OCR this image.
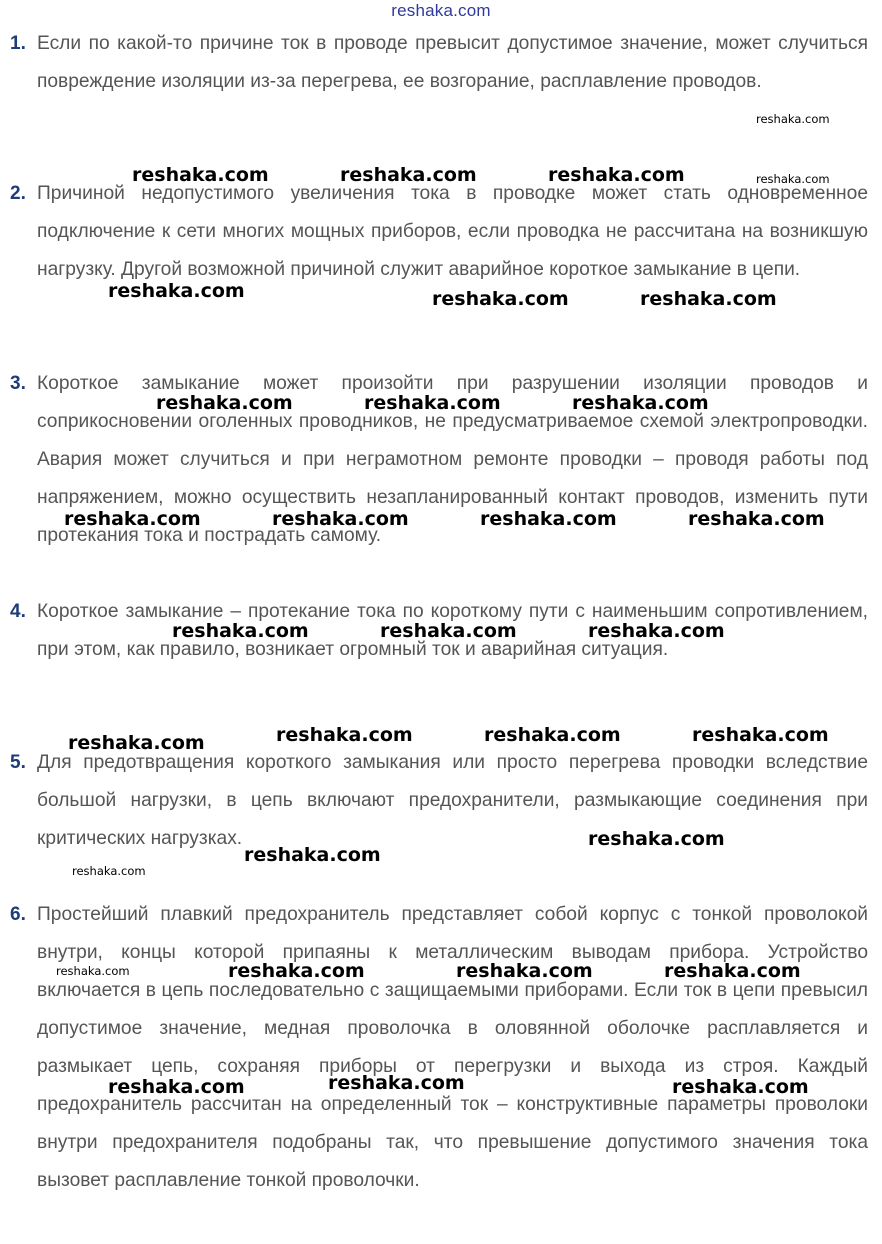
reshaka.com
1. Если по какой-то причине ток в проводе превысит допустимое значение, может случиться повреждение изоляции из-за перегрева, ее возгорание, расплавление проводов.

2. Причиной недопустимого увеличения тока в проводке может стать одновременное подключение к сети многих мощных приборов, если проводка не рассчитана на возникшую нагрузку. Другой возможной причиной служит аварийное короткое замыкание в цепи.

3. Короткое замыкание может произойти при разрушении изоляции проводов и соприкосновении оголенных проводников, не предусматриваемое схемой электропроводки. Авария может случиться и при неграмотном ремонте проводки – проводя работы под напряжением, можно осуществить незапланированный контакт проводов, изменить пути протекания тока и пострадать самому.

4. Короткое замыкание – протекание тока по короткому пути с наименьшим сопротивлением, при этом, как правило, возникает огромный ток и аварийная ситуация.

5. Для предотвращения короткого замыкания или просто перегрева проводки вследствие большой нагрузки, в цепь включают предохранители, размыкающие соединения при критических нагрузках.

6. Простейший плавкий предохранитель представляет собой корпус с тонкой проволокой внутри, концы которой припаяны к металлическим выводам прибора. Устройство включается в цепь последовательно с защищаемыми приборами. Если ток в цепи превысил допустимое значение, медная проволочка в оловянной оболочке расплавляется и размыкает цепь, сохраняя приборы от перегрузки и выхода из строя. Каждый предохранитель рассчитан на определенный ток – конструктивные параметры проволоки внутри предохранителя подобраны так, что превышение допустимого значения тока вызовет расплавление тонкой проволочки.

reshaka.com
reshaka.com	reshaka.com	reshaka.com	reshaka.com
reshaka.com	reshaka.com	reshaka.com
reshaka.com	reshaka.com	reshaka.com
reshaka.com	reshaka.com	reshaka.com	reshaka.com
reshaka.com	reshaka.com	reshaka.com
reshaka.com	reshaka.com	reshaka.com	reshaka.com
reshaka.com
reshaka.com
reshaka.com
reshaka.com	reshaka.com	reshaka.com	reshaka.com
reshaka.com	reshaka.com	reshaka.com
